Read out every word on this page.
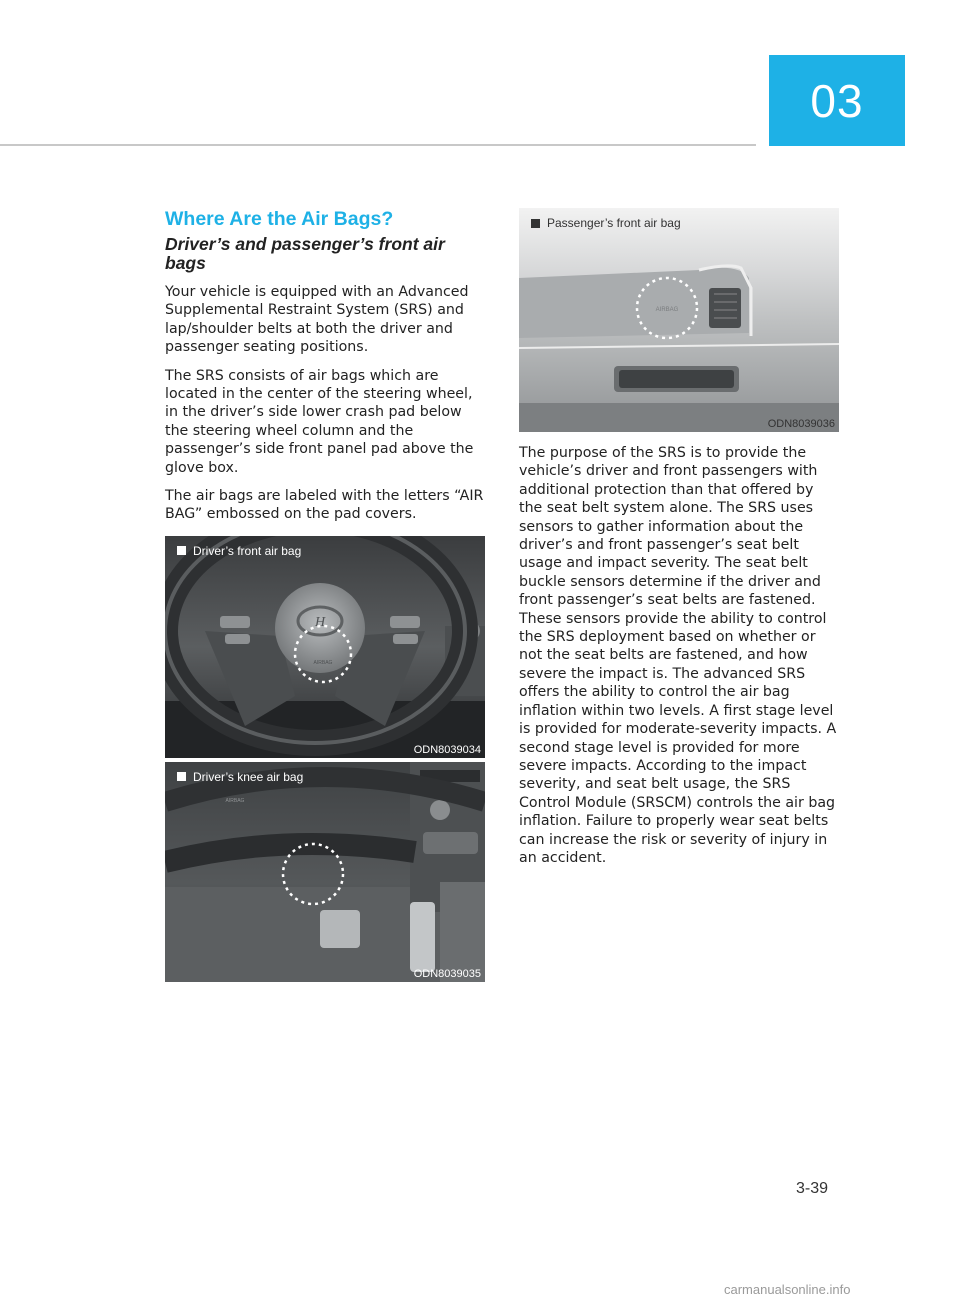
03
Where Are the Air Bags?
Driver’s and passenger’s front air bags

Your vehicle is equipped with an Advanced Supplemental Restraint System (SRS) and lap/shoulder belts at both the driver and passenger seating positions.

The SRS consists of air bags which are located in the center of the steering wheel, in the driver’s side lower crash pad below the steering wheel column and the passenger’s side front panel pad above the glove box.

The air bags are labeled with the letters “AIR BAG” embossed on the pad covers.

Driver’s front air bag
H
AIRBAG
ODN8039034
Driver’s knee air bag
AIRBAG
ODN8039035
Passenger’s front air bag
AIRBAG
ODN8039036

The purpose of the SRS is to provide the vehicle’s driver and front passengers with additional protection than that offered by the seat belt system alone. The SRS uses sensors to gather information about the driver’s and front passenger’s seat belt usage and impact severity. The seat belt buckle sensors determine if the driver and front passenger’s seat belts are fastened. These sensors provide the ability to control the SRS deployment based on whether or not the seat belts are fastened, and how severe the impact is. The advanced SRS offers the ability to control the air bag inflation within two levels. A first stage level is provided for moderate-severity impacts. A second stage level is provided for more severe impacts. According to the impact severity, and seat belt usage, the SRS Control Module (SRSCM) controls the air bag inflation. Failure to properly wear seat belts can increase the risk or severity of injury in an accident.

3-39
carmanualsonline.info
